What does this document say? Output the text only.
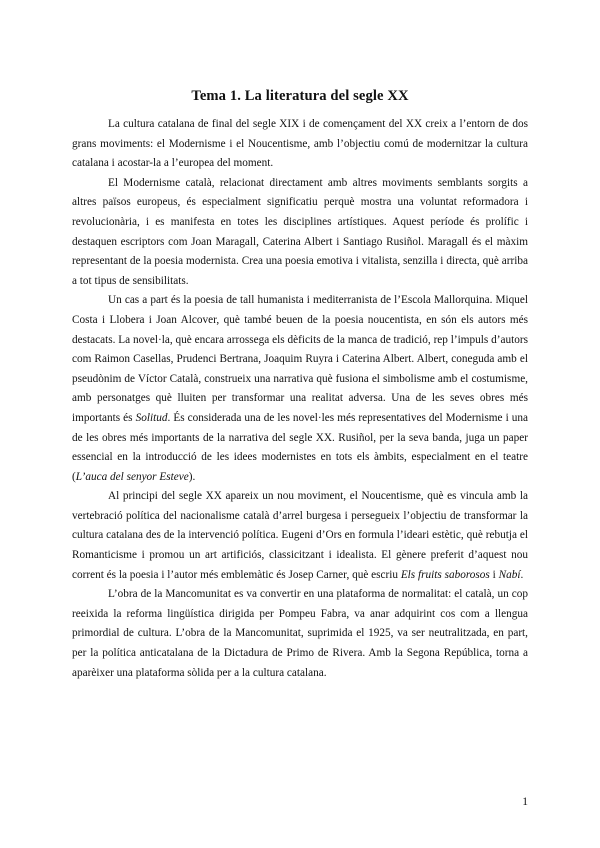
Tema 1. La literatura del segle XX

La cultura catalana de final del segle XIX i de començament del XX creix a l’entorn de dos grans moviments: el Modernisme i el Noucentisme, amb l’objectiu comú de modernitzar la cultura catalana i acostar-la a l’europea del moment.

El Modernisme català, relacionat directament amb altres moviments semblants sorgits a altres països europeus, és especialment significatiu perquè mostra una voluntat reformadora i revolucionària, i es manifesta en totes les disciplines artístiques. Aquest període és prolífic i destaquen escriptors com Joan Maragall, Caterina Albert i Santiago Rusiñol. Maragall és el màxim representant de la poesia modernista. Crea una poesia emotiva i vitalista, senzilla i directa, què arriba a tot tipus de sensibilitats.

Un cas a part és la poesia de tall humanista i mediterranista de l’Escola Mallorquina. Miquel Costa i Llobera i Joan Alcover, què també beuen de la poesia noucentista, en són els autors més destacats. La novel·la, què encara arrossega els dèficits de la manca de tradició, rep l’impuls d’autors com Raimon Casellas, Prudenci Bertrana, Joaquim Ruyra i Caterina Albert. Albert, coneguda amb el pseudònim de Víctor Català, construeix una narrativa què fusiona el simbolisme amb el costumisme, amb personatges què lluiten per transformar una realitat adversa. Una de les seves obres més importants és Solitud. És considerada una de les novel·les més representatives del Modernisme i una de les obres més importants de la narrativa del segle XX. Rusiñol, per la seva banda, juga un paper essencial en la introducció de les idees modernistes en tots els àmbits, especialment en el teatre (L’auca del senyor Esteve).

Al principi del segle XX apareix un nou moviment, el Noucentisme, què es vincula amb la vertebració política del nacionalisme català d’arrel burgesa i persegueix l’objectiu de transformar la cultura catalana des de la intervenció política. Eugeni d’Ors en formula l’ideari estètic, què rebutja el Romanticisme i promou un art artificiós, classicitzant i idealista. El gènere preferit d’aquest nou corrent és la poesia i l’autor més emblemàtic és Josep Carner, què escriu Els fruits saborosos i Nabí.

L’obra de la Mancomunitat es va convertir en una plataforma de normalitat: el català, un cop reeixida la reforma lingüística dirigida per Pompeu Fabra, va anar adquirint cos com a llengua primordial de cultura. L’obra de la Mancomunitat, suprimida el 1925, va ser neutralitzada, en part, per la política anticatalana de la Dictadura de Primo de Rivera. Amb la Segona República, torna a aparèixer una plataforma sòlida per a la cultura catalana.

1
